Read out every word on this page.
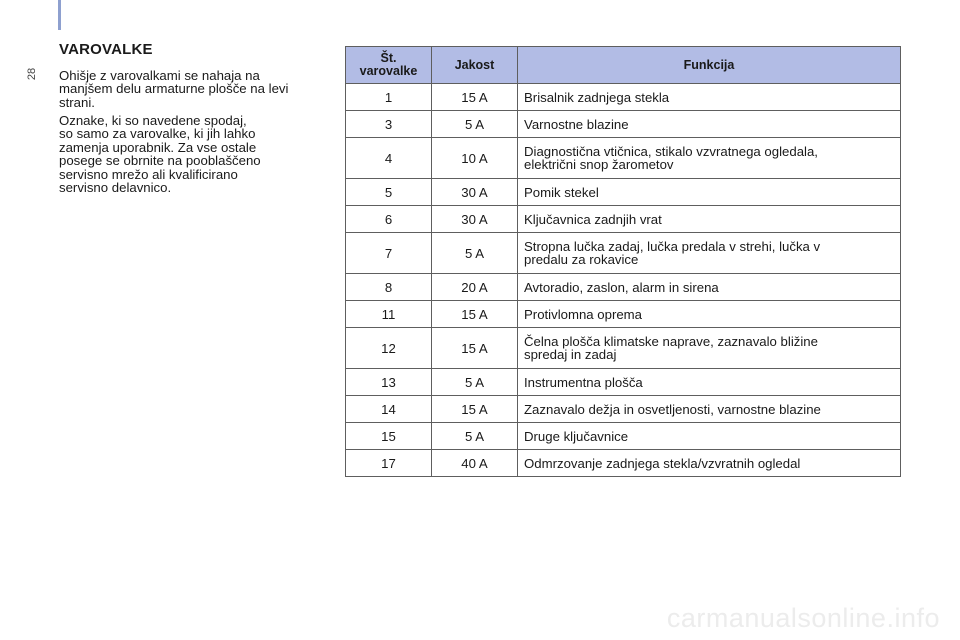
28
VAROVALKE

Ohišje z varovalkami se nahaja na
manjšem delu armaturne plošče na levi
strani.

Oznake, ki so navedene spodaj,
so samo za varovalke, ki jih lahko
zamenja uporabnik. Za vse ostale
posege se obrnite na pooblaščeno
servisno mrežo ali kvalificirano
servisno delavnico.

Št.
varovalke	Jakost	Funkcija
1	15 A	Brisalnik zadnjega stekla
3	5 A	Varnostne blazine
4	10 A	Diagnostična vtičnica, stikalo vzvratnega ogledala,
električni snop žarometov
5	30 A	Pomik stekel
6	30 A	Ključavnica zadnjih vrat
7	5 A	Stropna lučka zadaj, lučka predala v strehi, lučka v
predalu za rokavice
8	20 A	Avtoradio, zaslon, alarm in sirena
11	15 A	Protivlomna oprema
12	15 A	Čelna plošča klimatske naprave, zaznavalo bližine
spredaj in zadaj
13	5 A	Instrumentna plošča
14	15 A	Zaznavalo dežja in osvetljenosti, varnostne blazine
15	5 A	Druge ključavnice
17	40 A	Odmrzovanje zadnjega stekla/vzvratnih ogledal
carmanualsonline.info
